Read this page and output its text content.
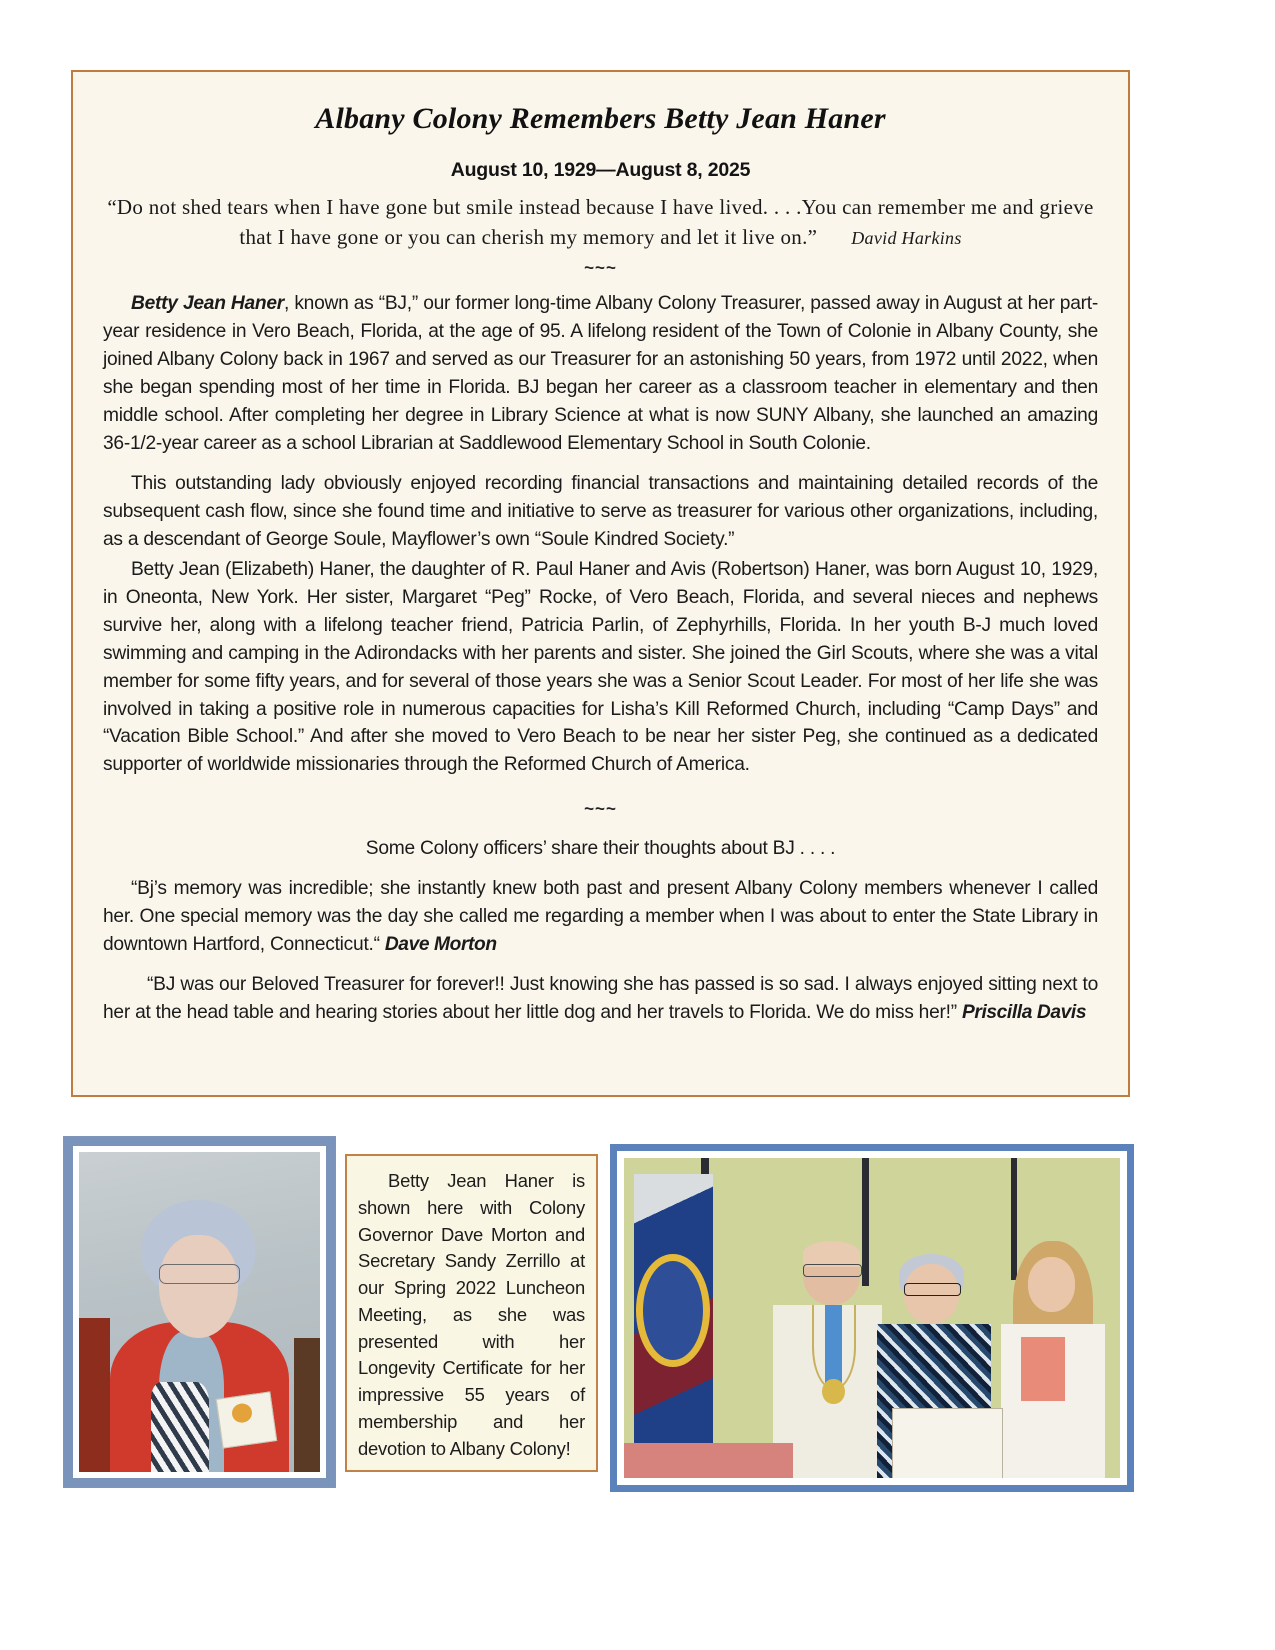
Albany Colony Remembers Betty Jean Haner
August 10, 1929—August 8, 2025
“Do not shed tears when I have gone but smile instead because I have lived. . . .You can remember me and grieve that I have gone or you can cherish my memory and let it live on.” David Harkins
~~~

Betty Jean Haner, known as “BJ,” our former long-time Albany Colony Treasurer, passed away in August at her part-year residence in Vero Beach, Florida, at the age of 95. A lifelong resident of the Town of Colonie in Albany County, she joined Albany Colony back in 1967 and served as our Treasurer for an astonishing 50 years, from 1972 until 2022, when she began spending most of her time in Florida. BJ began her career as a classroom teacher in elementary and then middle school. After completing her degree in Library Science at what is now SUNY Albany, she launched an amazing 36-1/2-year career as a school Librarian at Saddlewood Elementary School in South Colonie.

This outstanding lady obviously enjoyed recording financial transactions and maintaining detailed records of the subsequent cash flow, since she found time and initiative to serve as treasurer for various other organizations, including, as a descendant of George Soule, Mayflower’s own “Soule Kindred Society.”

Betty Jean (Elizabeth) Haner, the daughter of R. Paul Haner and Avis (Robertson) Haner, was born August 10, 1929, in Oneonta, New York. Her sister, Margaret “Peg” Rocke, of Vero Beach, Florida, and several nieces and nephews survive her, along with a lifelong teacher friend, Patricia Parlin, of Zephyrhills, Florida. In her youth B-J much loved swimming and camping in the Adirondacks with her parents and sister. She joined the Girl Scouts, where she was a vital member for some fifty years, and for several of those years she was a Senior Scout Leader. For most of her life she was involved in taking a positive role in numerous capacities for Lisha’s Kill Reformed Church, including “Camp Days” and “Vacation Bible School.” And after she moved to Vero Beach to be near her sister Peg, she continued as a dedicated supporter of worldwide missionaries through the Reformed Church of America.

~~~

Some Colony officers’ share their thoughts about BJ . . . .

“Bj’s memory was incredible; she instantly knew both past and present Albany Colony members whenever I called her. One special memory was the day she called me regarding a member when I was about to enter the State Library in downtown Hartford, Connecticut.“ Dave Morton

“BJ was our Beloved Treasurer for forever!! Just knowing she has passed is so sad. I always enjoyed sitting next to her at the head table and hearing stories about her little dog and her travels to Florida. We do miss her!” Priscilla Davis

Betty Jean Haner is shown here with Colony Governor Dave Morton and Secretary Sandy Zerrillo at our Spring 2022 Luncheon Meeting, as she was presented with her Longevity Certificate for her impressive 55 years of membership and her devotion to Albany Colony!
